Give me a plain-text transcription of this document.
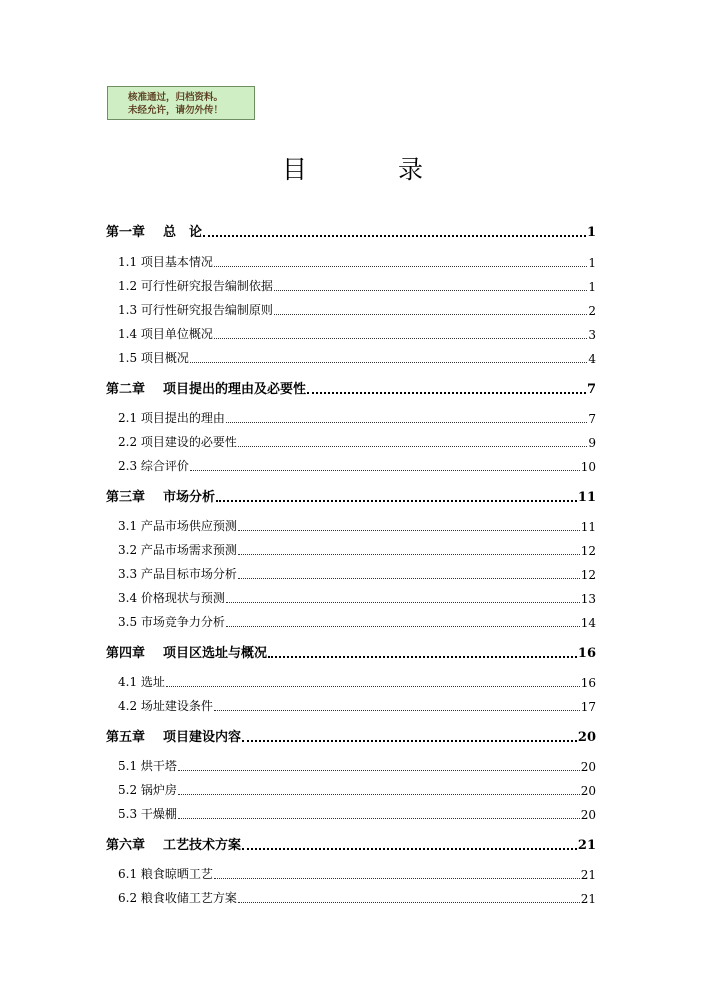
核准通过，归档资料。
未经允许，请勿外传！
目	录
第一章 总　论	1
1.1 项目基本情况	1
1.2 可行性研究报告编制依据	1
1.3 可行性研究报告编制原则	2
1.4 项目单位概况	3
1.5 项目概况	4
第二章 项目提出的理由及必要性	7
2.1 项目提出的理由	7
2.2 项目建设的必要性	9
2.3 综合评价	10
第三章 市场分析	11
3.1 产品市场供应预测	11
3.2 产品市场需求预测	12
3.3 产品目标市场分析	12
3.4 价格现状与预测	13
3.5 市场竞争力分析	14
第四章 项目区选址与概况	16
4.1 选址	16
4.2 场址建设条件	17
第五章 项目建设内容	20
5.1 烘干塔	20
5.2 锅炉房	20
5.3 干燥棚	20
第六章 工艺技术方案	21
6.1 粮食晾晒工艺	21
6.2 粮食收储工艺方案	21
